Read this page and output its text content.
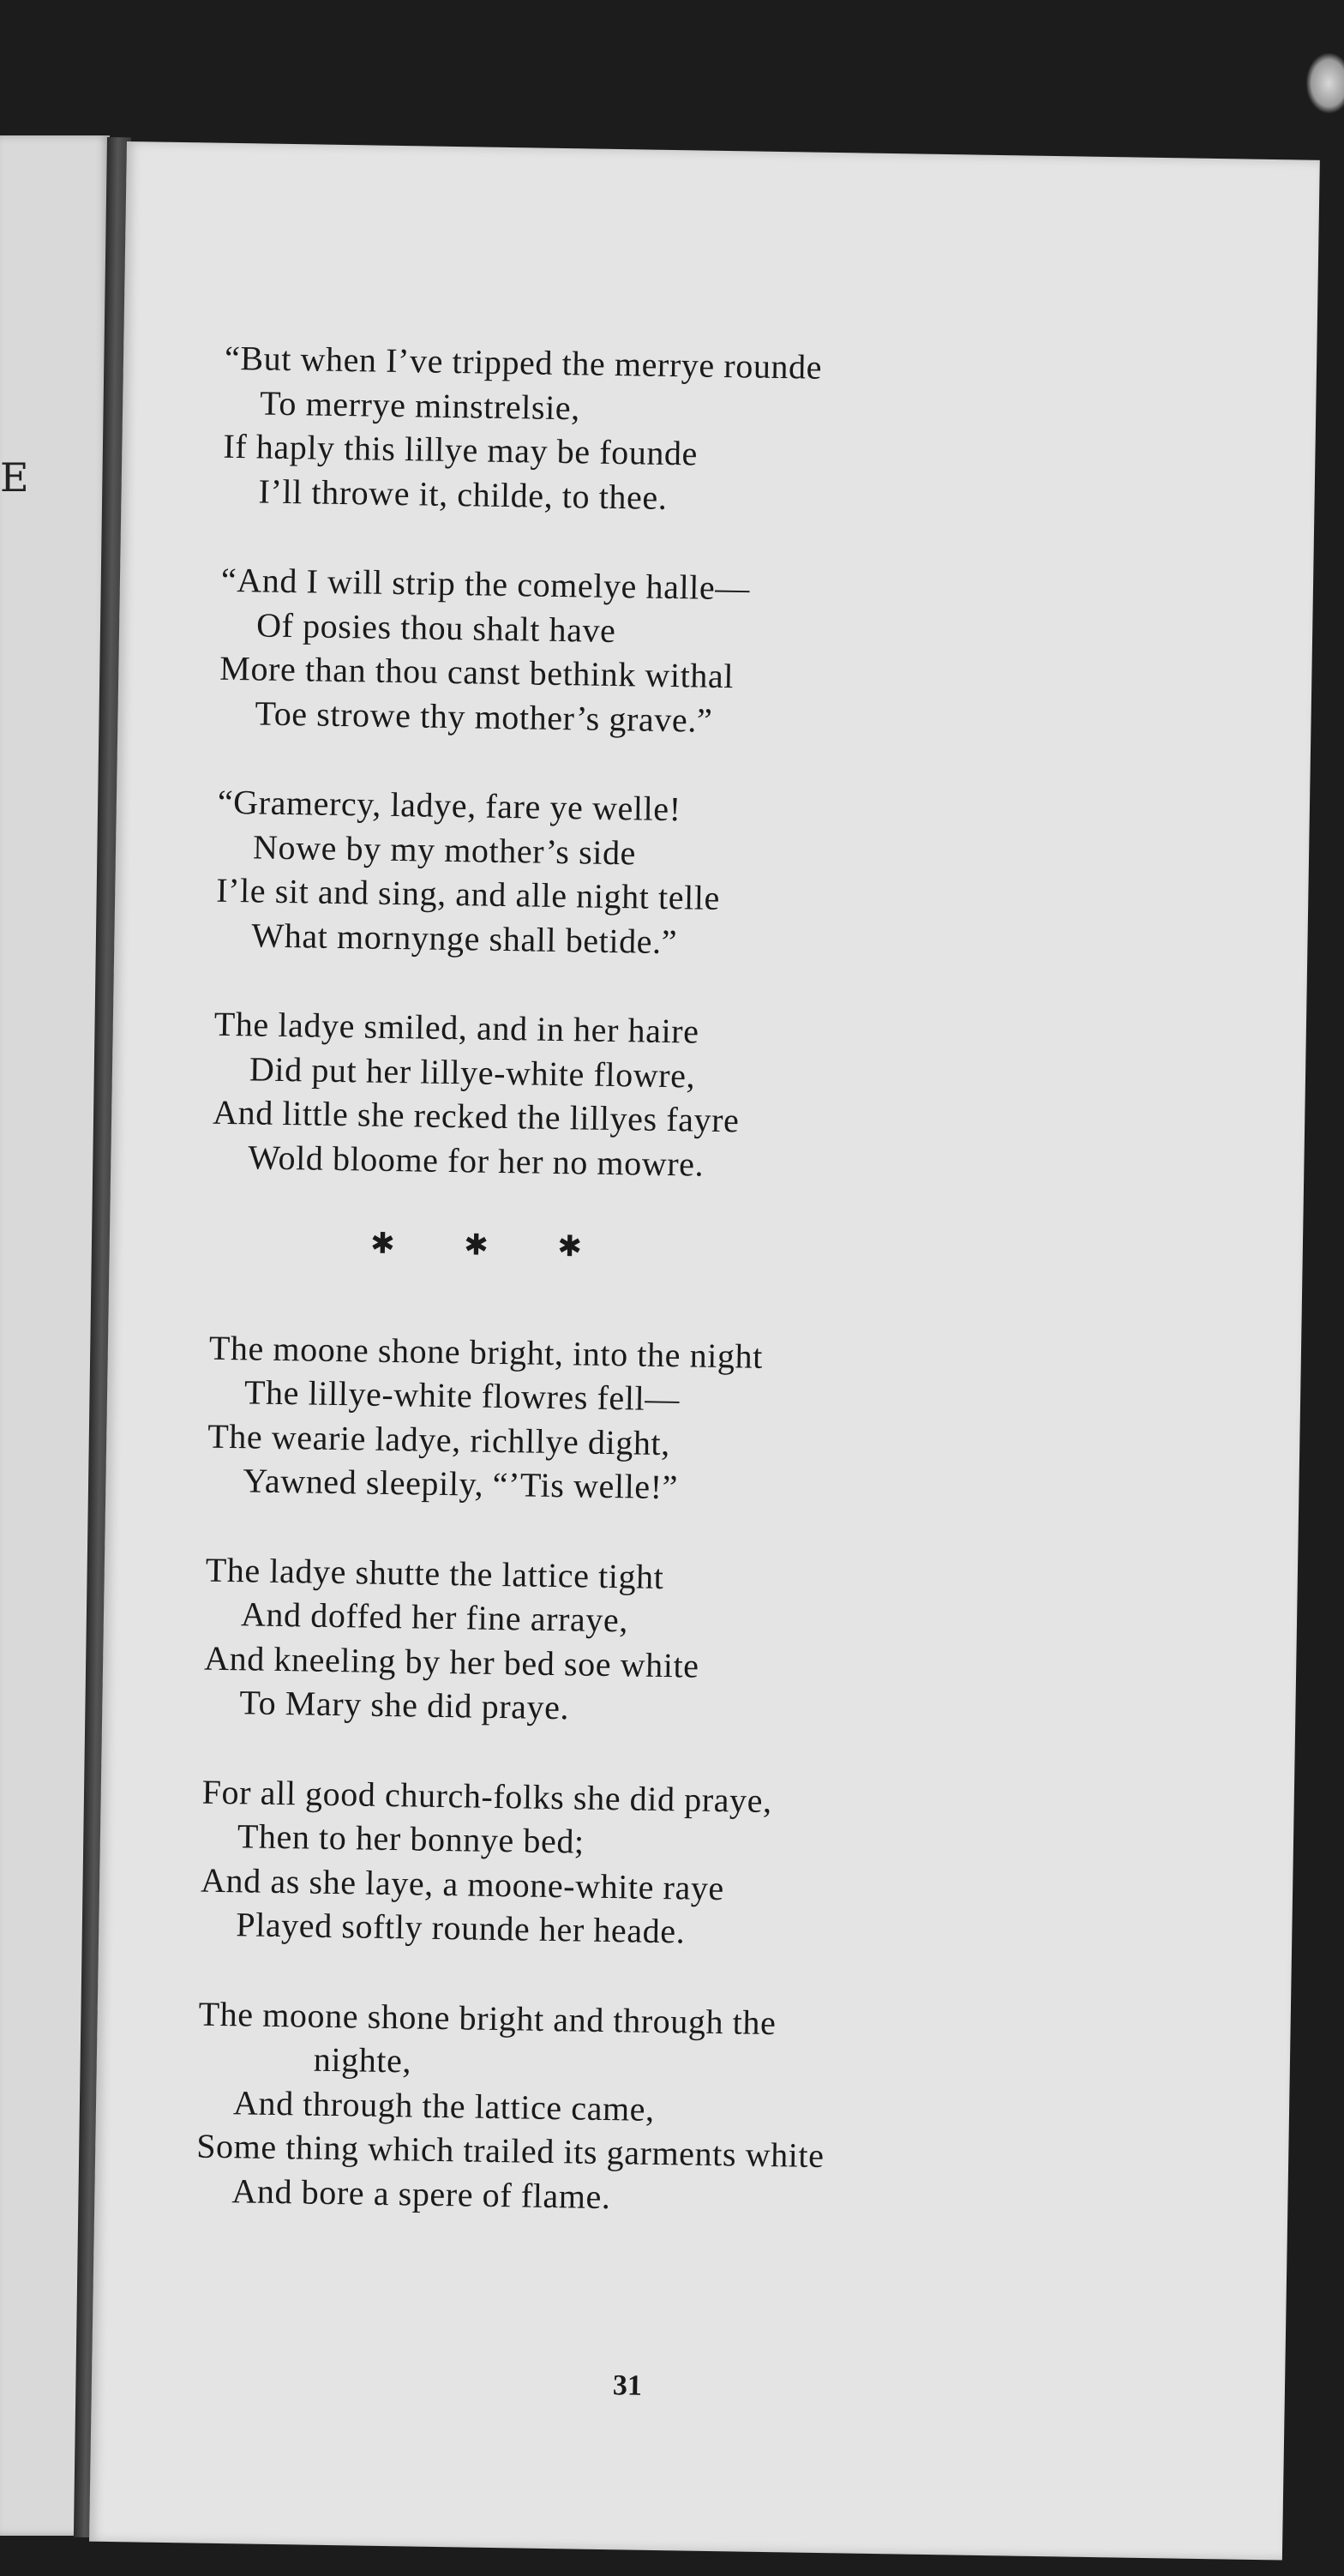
E
“But when I’ve tripped the merrye rounde
To merrye minstrelsie,
If haply this lillye may be founde
I’ll throwe it, childe, to thee.
“And I will strip the comelye halle—
Of posies thou shalt have
More than thou canst bethink withal
Toe strowe thy mother’s grave.”
“Gramercy, ladye, fare ye welle!
Nowe by my mother’s side
I’le sit and sing, and alle night telle
What mornynge shall betide.”
The ladye smiled, and in her haire
Did put her lillye-white flowre,
And little she recked the lillyes fayre
Wold bloome for her no mowre.
✱ ✱ ✱
The moone shone bright, into the night
The lillye-white flowres fell—
The wearie ladye, richllye dight,
Yawned sleepily, “’Tis welle!”
The ladye shutte the lattice tight
And doffed her fine arraye,
And kneeling by her bed soe white
To Mary she did praye.
For all good church-folks she did praye,
Then to her bonnye bed;
And as she laye, a moone-white raye
Played softly rounde her heade.
The moone shone bright and through the
nighte,
And through the lattice came,
Some thing which trailed its garments white
And bore a spere of flame.
31
